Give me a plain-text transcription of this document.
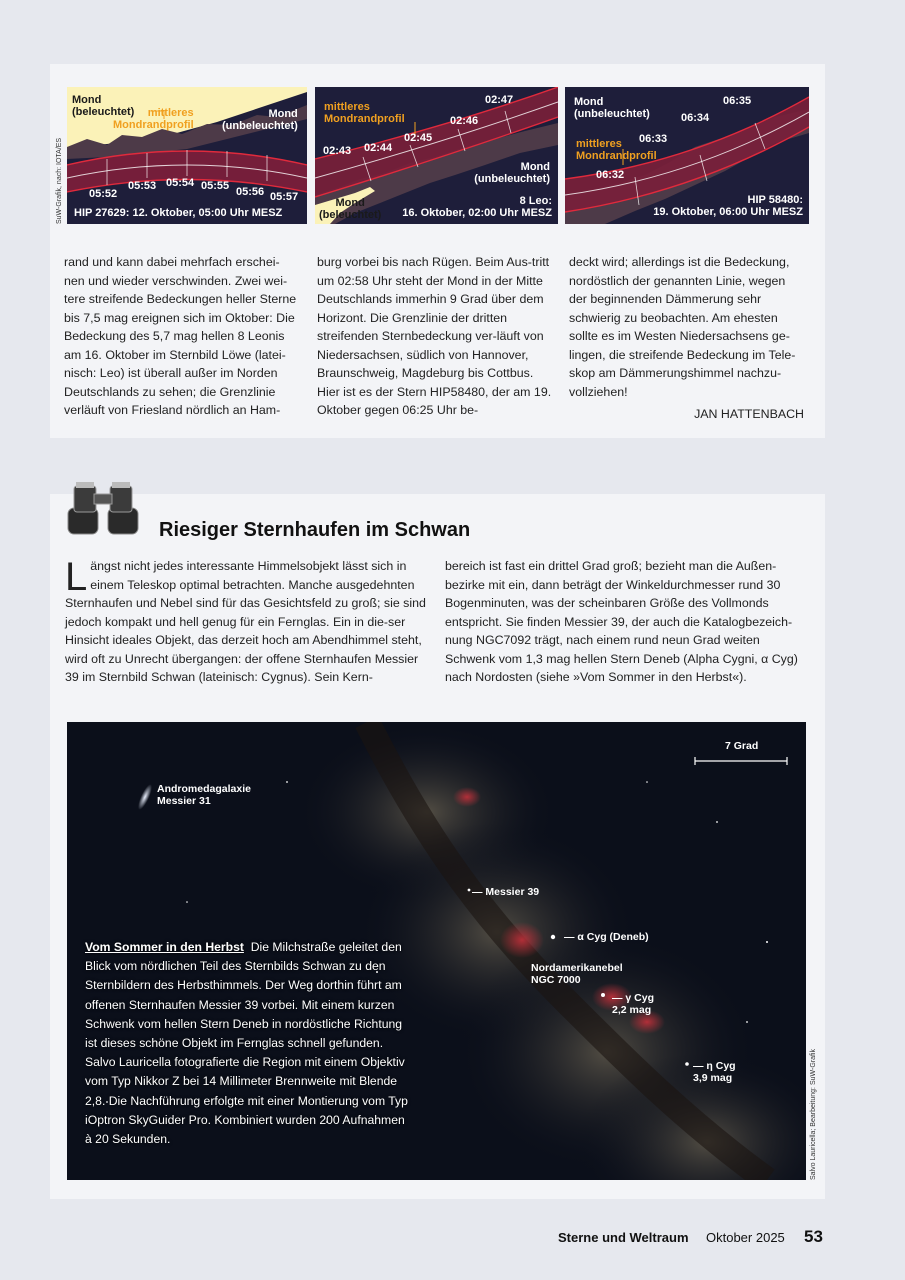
SuW-Grafik, nach: IOTA/ES
Mond
(beleuchtet)	mittleres
Mondrandprofil
Mond
(unbeleuchtet)
05:52
05:53 05:54 05:55 05:56 05:57
HIP 27629: 12. Oktober, 05:00 Uhr MESZ
mittleres
Mondrandprofil
02:43 02:44
02:45
02:46
02:47
Mond
(unbeleuchtet)
Mond
(beleuchtet)
8 Leo:
16. Oktober, 02:00 Uhr MESZ
Mond
(unbeleuchtet)
mittleres
Mondrandprofil
06:32
06:33
06:34
06:35
HIP 58480:
19. Oktober, 06:00 Uhr MESZ

rand und kann dabei mehrfach erschei-nen und wieder verschwinden. Zwei wei-tere streifende Bedeckungen heller Sterne bis 7,5 mag ereignen sich im Oktober: Die Bedeckung des 5,7 mag hellen 8 Leonis am 16. Oktober im Sternbild Löwe (latei-nisch: Leo) ist überall außer im Norden Deutschlands zu sehen; die Grenzlinie verläuft von Friesland nördlich an Ham-

burg vorbei bis nach Rügen. Beim Aus-tritt um 02:58 Uhr steht der Mond in der Mitte Deutschlands immerhin 9 Grad über dem Horizont. Die Grenzlinie der dritten streifenden Sternbedeckung ver-läuft von Niedersachsen, südlich von Hannover, Braunschweig, Magdeburg bis Cottbus. Hier ist es der Stern HIP58480, der am 19. Oktober gegen 06:25 Uhr be-

deckt wird; allerdings ist die Bedeckung, nordöstlich der genannten Linie, wegen der beginnenden Dämmerung sehr schwierig zu beobachten. Am ehesten sollte es im Westen Niedersachsens ge-lingen, die streifende Bedeckung im Tele-skop am Dämmerungshimmel nachzu-vollziehen!

JAN HATTENBACH
Riesiger Sternhaufen im Schwan
Längst nicht jedes interessante Himmelsobjekt lässt sich in einem Teleskop optimal betrachten. Manche ausgedehnten Sternhaufen und Nebel sind für das Gesichtsfeld zu groß; sie sind jedoch kompakt und hell genug für ein Fernglas. Ein in die-ser Hinsicht ideales Objekt, das derzeit hoch am Abendhimmel steht, wird oft zu Unrecht übergangen: der offene Sternhaufen Messier 39 im Sternbild Schwan (lateinisch: Cygnus). Sein Kern-

bereich ist fast ein drittel Grad groß; bezieht man die Außen-bezirke mit ein, dann beträgt der Winkeldurchmesser rund 30 Bogenminuten, was der scheinbaren Größe des Vollmonds entspricht. Sie finden Messier 39, der auch die Katalogbezeich-nung NGC7092 trägt, nach einem rund neun Grad weiten Schwenk vom 1,3 mag hellen Stern Deneb (Alpha Cygni, α Cyg) nach Nordosten (siehe »Vom Sommer in den Herbst«).

7 Grad
Andromedagalaxie
Messier 31
— Messier 39
— α Cyg (Deneb)
Nordamerikanebel
NGC 7000
— γ Cyg
2,2 mag
— η Cyg
3,9 mag
Vom Sommer in den Herbst Die Milchstraße geleitet den Blick vom nördlichen Teil des Sternbilds Schwan zu den Sternbildern des Herbsthimmels. Der Weg dorthin führt am offenen Sternhaufen Messier 39 vorbei. Mit einem kurzen Schwenk vom hellen Stern Deneb in nordöstliche Richtung ist dieses schöne Objekt im Fernglas schnell gefunden. Salvo Lauricella fotografierte die Region mit einem Objektiv vom Typ Nikkor Z bei 14 Millimeter Brennweite mit Blende 2,8. Die Nachführung erfolgte mit einer Montierung vom Typ iOptron SkyGuider Pro. Kombiniert wurden 200 Aufnahmen à 20 Sekunden.	Salvo Lauricella; Bearbeitung: SuW-Grafik
Sterne und Weltraum Oktober 2025 53
